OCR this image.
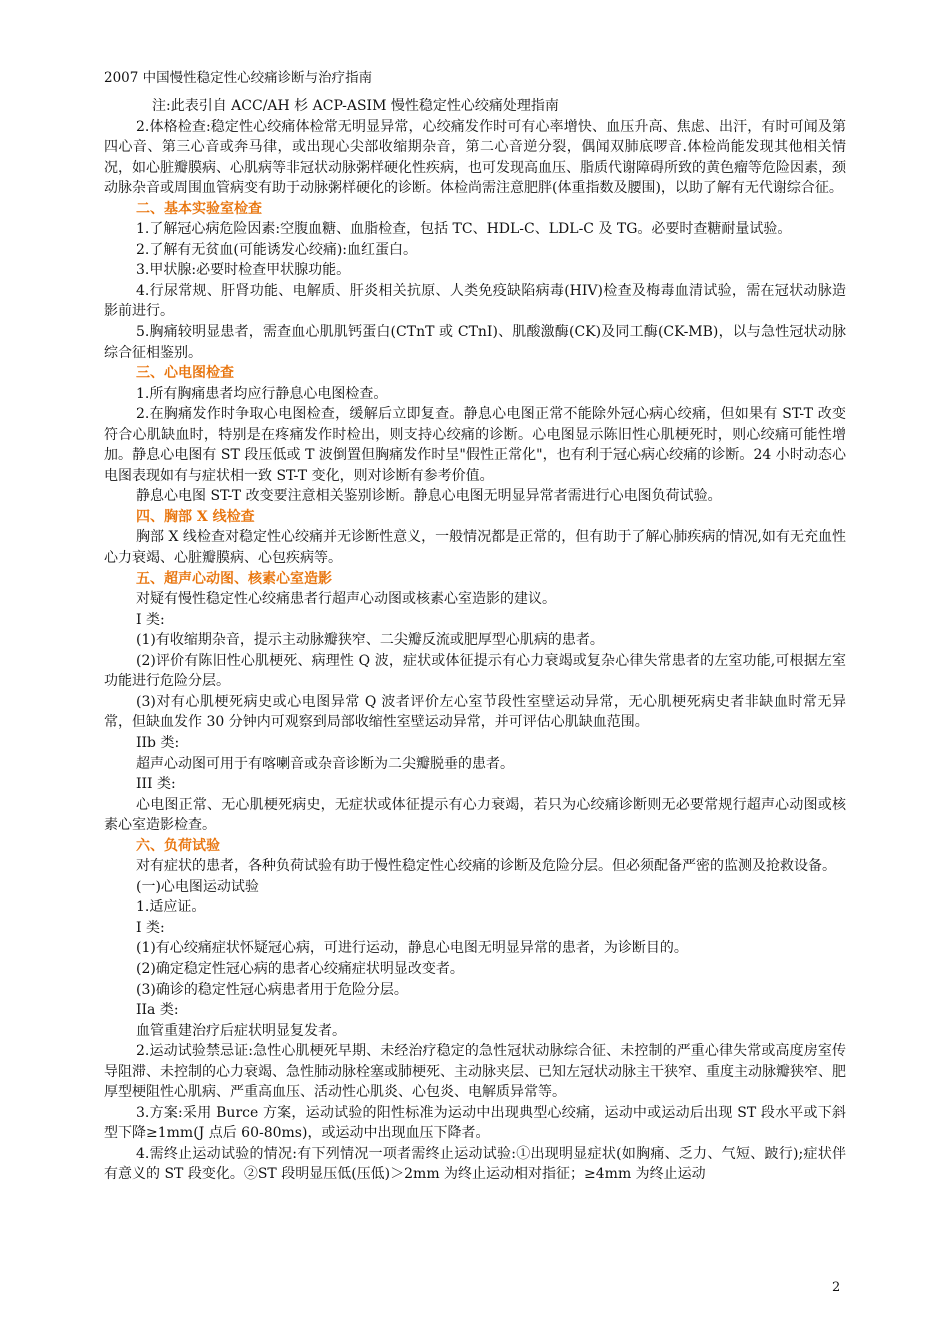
2007 中国慢性稳定性心绞痛诊断与治疗指南

注:此表引自 ACC/AH 杉 ACP-ASIM 慢性稳定性心绞痛处理指南

2.体格检查:稳定性心绞痛体检常无明显异常，心绞痛发作时可有心率增快、血压升高、焦虑、出汗，有时可闻及第四心音、第三心音或奔马律，或出现心尖部收缩期杂音，第二心音逆分裂，偶闻双肺底啰音.体检尚能发现其他相关情况，如心脏瓣膜病、心肌病等非冠状动脉粥样硬化性疾病，也可发现高血压、脂质代谢障碍所致的黄色瘤等危险因素，颈动脉杂音或周围血管病变有助于动脉粥样硬化的诊断。体检尚需注意肥胖(体重指数及腰围)，以助了解有无代谢综合征。

二、基本实验室检查

1.了解冠心病危险因素:空腹血糖、血脂检查，包括 TC、HDL-C、LDL-C 及 TG。必要时查糖耐量试验。

2.了解有无贫血(可能诱发心绞痛):血红蛋白。

3.甲状腺:必要时检查甲状腺功能。

4.行尿常规、肝肾功能、电解质、肝炎相关抗原、人类免疫缺陷病毒(HIV)检查及梅毒血清试验，需在冠状动脉造影前进行。

5.胸痛较明显患者，需查血心肌肌钙蛋白(CTnT 或 CTnI)、肌酸激酶(CK)及同工酶(CK-MB)，以与急性冠状动脉综合征相鉴别。

三、心电图检查

1.所有胸痛患者均应行静息心电图检查。

2.在胸痛发作时争取心电图检查，缓解后立即复查。静息心电图正常不能除外冠心病心绞痛，但如果有 ST-T 改变符合心肌缺血时，特别是在疼痛发作时检出，则支持心绞痛的诊断。心电图显示陈旧性心肌梗死时，则心绞痛可能性增加。静息心电图有 ST 段压低或 T 波倒置但胸痛发作时呈"假性正常化"，也有利于冠心病心绞痛的诊断。24 小时动态心电图表现如有与症状相一致 ST-T 变化，则对诊断有参考价值。

静息心电图 ST-T 改变要注意相关鉴别诊断。静息心电图无明显异常者需进行心电图负荷试验。

四、胸部 X 线检查

胸部 X 线检查对稳定性心绞痛并无诊断性意义，一般情况都是正常的，但有助于了解心肺疾病的情况,如有无充血性心力衰竭、心脏瓣膜病、心包疾病等。

五、超声心动图、核素心室造影

对疑有慢性稳定性心绞痛患者行超声心动图或核素心室造影的建议。

I 类:

(1)有收缩期杂音，提示主动脉瓣狭窄、二尖瓣反流或肥厚型心肌病的患者。

(2)评价有陈旧性心肌梗死、病理性 Q 波，症状或体征提示有心力衰竭或复杂心律失常患者的左室功能,可根据左室功能进行危险分层。

(3)对有心肌梗死病史或心电图异常 Q 波者评价左心室节段性室壁运动异常，无心肌梗死病史者非缺血时常无异常，但缺血发作 30 分钟内可观察到局部收缩性室壁运动异常，并可评估心肌缺血范围。

IIb 类:

超声心动图可用于有喀喇音或杂音诊断为二尖瓣脱垂的患者。

III 类:

心电图正常、无心肌梗死病史，无症状或体征提示有心力衰竭，若只为心绞痛诊断则无必要常规行超声心动图或核素心室造影检查。

六、负荷试验

对有症状的患者，各种负荷试验有助于慢性稳定性心绞痛的诊断及危险分层。但必须配备严密的监测及抢救设备。

(一)心电图运动试验

1.适应证。

I 类:

(1)有心绞痛症状怀疑冠心病，可进行运动，静息心电图无明显异常的患者，为诊断目的。

(2)确定稳定性冠心病的患者心绞痛症状明显改变者。

(3)确诊的稳定性冠心病患者用于危险分层。

IIa 类:

血管重建治疗后症状明显复发者。

2.运动试验禁忌证:急性心肌梗死早期、未经治疗稳定的急性冠状动脉综合征、未控制的严重心律失常或高度房室传导阻滞、未控制的心力衰竭、急性肺动脉栓塞或肺梗死、主动脉夹层、已知左冠状动脉主干狭窄、重度主动脉瓣狭窄、肥厚型梗阻性心肌病、严重高血压、活动性心肌炎、心包炎、电解质异常等。

3.方案:采用 Burce 方案，运动试验的阳性标准为运动中出现典型心绞痛，运动中或运动后出现 ST 段水平或下斜型下降≥1mm(J 点后 60-80ms)，或运动中出现血压下降者。

4.需终止运动试验的情况:有下列情况一项者需终止运动试验:①出现明显症状(如胸痛、乏力、气短、跛行);症状伴有意义的 ST 段变化。②ST 段明显压低(压低)＞2mm 为终止运动相对指征；≥4mm 为终止运动

2
